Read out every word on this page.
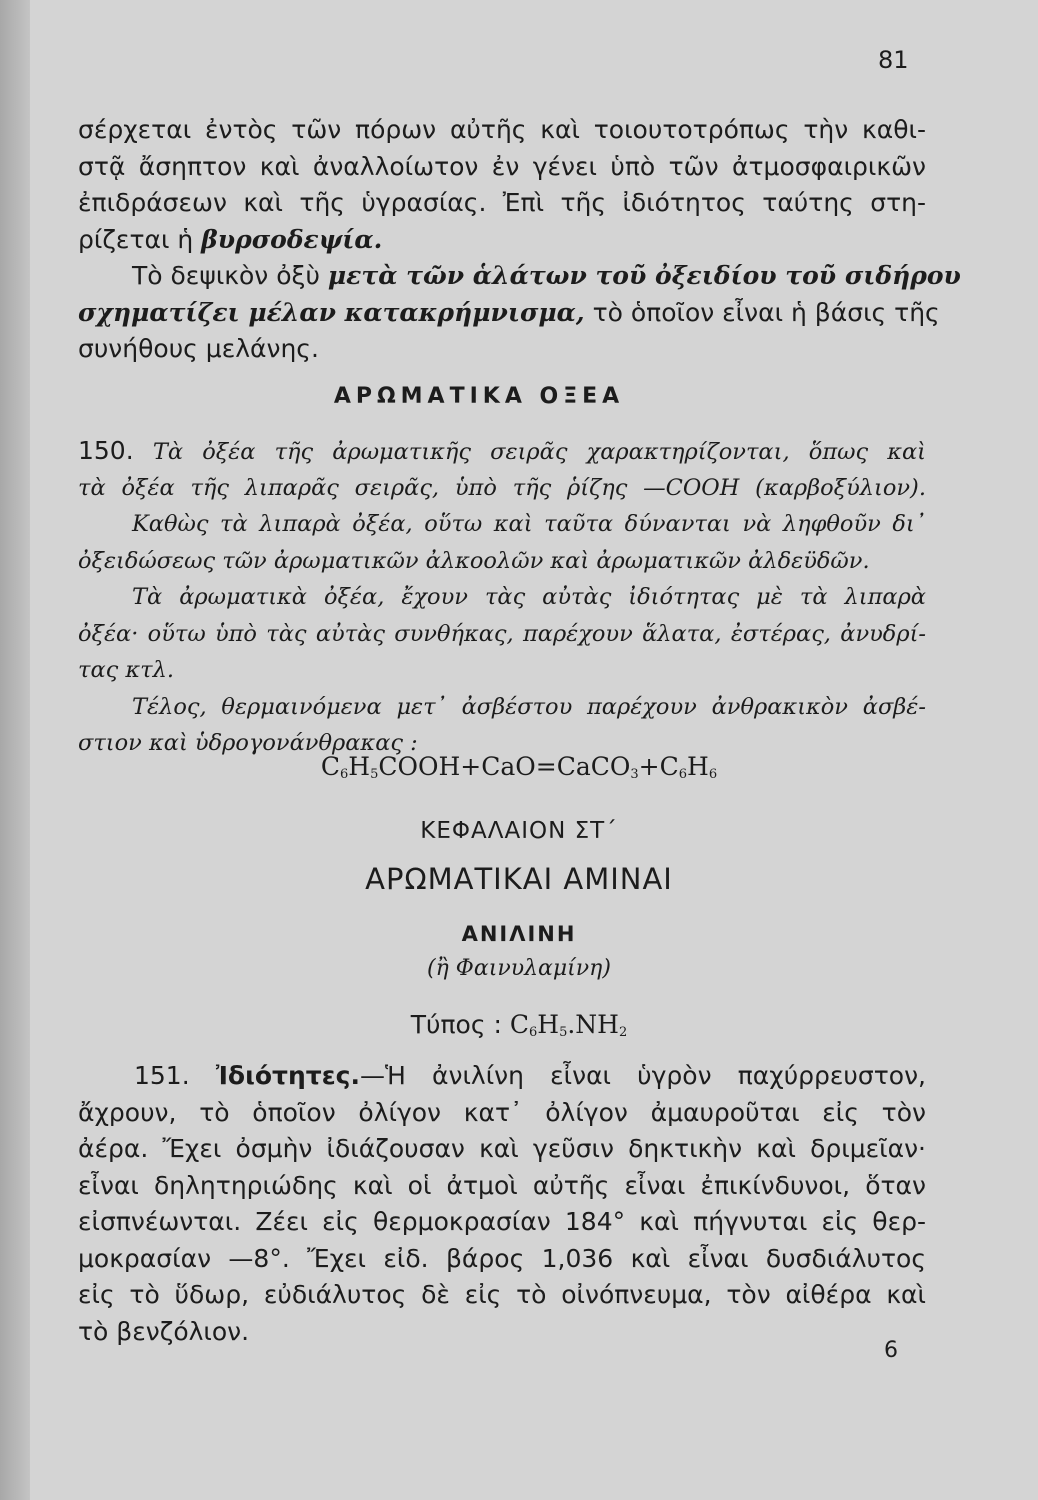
81
σέρχεται ἐντὸς τῶν πόρων αὐτῆς καὶ τοιουτοτρόπως τὴν καθι-
στᾷ ἄσηπτον καὶ ἀναλλοίωτον ἐν γένει ὑπὸ τῶν ἀτμοσφαιρικῶν
ἐπιδράσεων καὶ τῆς ὑγρασίας. Ἐπὶ τῆς ἰδιότητος ταύτης στη-
ρίζεται ἡ βυρσοδεψία.
Τὸ δεψικὸν ὀξὺ μετὰ τῶν ἁλάτων τοῦ ὀξειδίου τοῦ σιδήρου
σχηματίζει μέλαν κατακρήμνισμα, τὸ ὁποῖον εἶναι ἡ βάσις τῆς
συνήθους μελάνης.
ΑΡΩΜΑΤΙΚΑ ΟΞΕΑ
150. Τὰ ὀξέα τῆς ἀρωματικῆς σειρᾶς χαρακτηρίζονται, ὅπως καὶ
τὰ ὀξέα τῆς λιπαρᾶς σειρᾶς, ὑπὸ τῆς ῥίζης —COOH (καρβοξύλιον).
Καθὼς τὰ λιπαρὰ ὀξέα, οὕτω καὶ ταῦτα δύνανται νὰ ληφθοῦν δι᾽
ὀξειδώσεως τῶν ἀρωματικῶν ἀλκοολῶν καὶ ἀρωματικῶν ἀλδεϋδῶν.
Τὰ ἀρωματικὰ ὀξέα, ἔχουν τὰς αὐτὰς ἰδιότητας μὲ τὰ λιπαρὰ
ὀξέα· οὕτω ὑπὸ τὰς αὐτὰς συνθήκας, παρέχουν ἅλατα, ἐστέρας, ἀνυδρί-
τας κτλ.
Τέλος, θερμαινόμενα μετ᾽ ἀσβέστου παρέχουν ἀνθρακικὸν ἀσβέ-
στιον καὶ ὑδρογονάνθρακας :
$C_6H_5COOH+CaO=CaCO_3+C_6H_6$
ΚΕΦΑΛΑΙΟΝ ΣΤ΄
ΑΡΩΜΑΤΙΚΑΙ ΑΜΙΝΑΙ
ΑΝΙΛΙΝΗ
(ἢ Φαινυλαμίνη)
Τύπος : $C_6H_5.NH_2$
151. Ἰδιότητες.—Ἡ ἀνιλίνη εἶναι ὑγρὸν παχύρρευστον,
ἄχρουν, τὸ ὁποῖον ὀλίγον κατ᾽ ὀλίγον ἀμαυροῦται εἰς τὸν
ἀέρα. Ἔχει ὀσμὴν ἰδιάζουσαν καὶ γεῦσιν δηκτικὴν καὶ δριμεῖαν·
εἶναι δηλητηριώδης καὶ οἱ ἀτμοὶ αὐτῆς εἶναι ἐπικίνδυνοι, ὅταν
εἰσπνέωνται. Ζέει εἰς θερμοκρασίαν 184° καὶ πήγνυται εἰς θερ-
μοκρασίαν —8°. Ἔχει εἰδ. βάρος 1,036 καὶ εἶναι δυσδιάλυτος
εἰς τὸ ὕδωρ, εὐδιάλυτος δὲ εἰς τὸ οἰνόπνευμα, τὸν αἰθέρα καὶ
τὸ βενζόλιον.
6
